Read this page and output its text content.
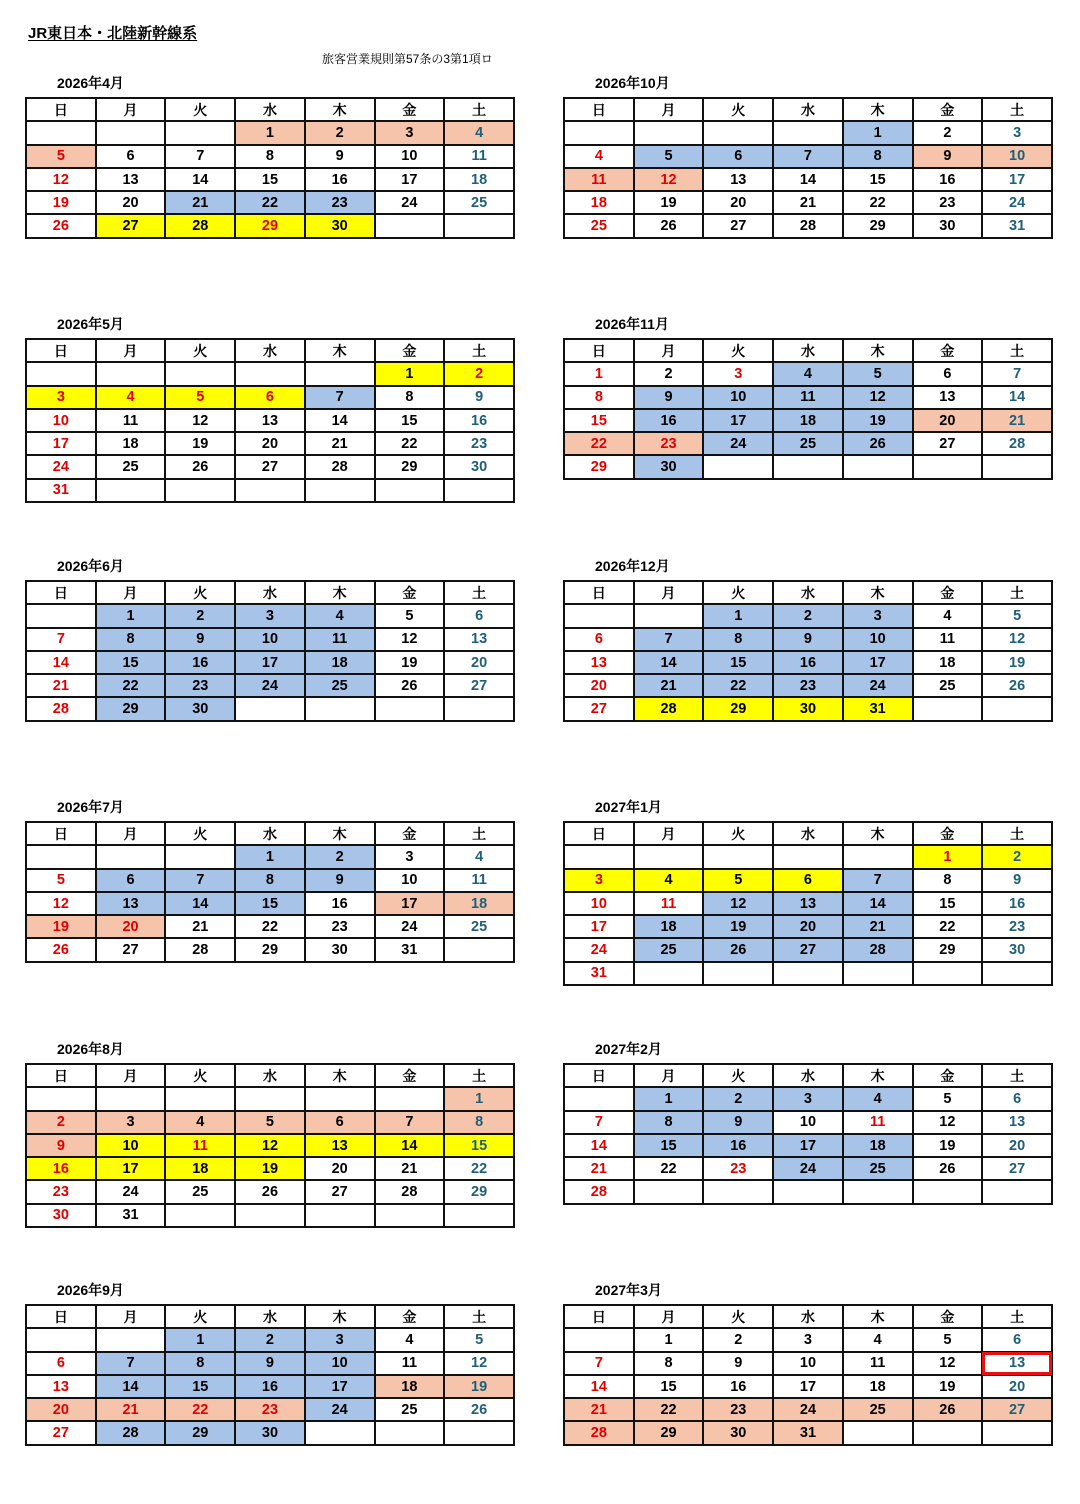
JR東日本・北陸新幹線系
旅客営業規則第57条の3第1項ロ
2026年4月
日	月	火	水	木	金	土
			1	2	3	4
5	6	7	8	9	10	11
12	13	14	15	16	17	18
19	20	21	22	23	24	25
26	27	28	29	30		
2026年10月
日	月	火	水	木	金	土
				1	2	3
4	5	6	7	8	9	10
11	12	13	14	15	16	17
18	19	20	21	22	23	24
25	26	27	28	29	30	31
2026年5月
日	月	火	水	木	金	土
					1	2
3	4	5	6	7	8	9
10	11	12	13	14	15	16
17	18	19	20	21	22	23
24	25	26	27	28	29	30
31						
2026年11月
日	月	火	水	木	金	土
1	2	3	4	5	6	7
8	9	10	11	12	13	14
15	16	17	18	19	20	21
22	23	24	25	26	27	28
29	30					
2026年6月
日	月	火	水	木	金	土
	1	2	3	4	5	6
7	8	9	10	11	12	13
14	15	16	17	18	19	20
21	22	23	24	25	26	27
28	29	30				
2026年12月
日	月	火	水	木	金	土
		1	2	3	4	5
6	7	8	9	10	11	12
13	14	15	16	17	18	19
20	21	22	23	24	25	26
27	28	29	30	31		
2026年7月
日	月	火	水	木	金	土
			1	2	3	4
5	6	7	8	9	10	11
12	13	14	15	16	17	18
19	20	21	22	23	24	25
26	27	28	29	30	31	
2027年1月
日	月	火	水	木	金	土
					1	2
3	4	5	6	7	8	9
10	11	12	13	14	15	16
17	18	19	20	21	22	23
24	25	26	27	28	29	30
31						
2026年8月
日	月	火	水	木	金	土
						1
2	3	4	5	6	7	8
9	10	11	12	13	14	15
16	17	18	19	20	21	22
23	24	25	26	27	28	29
30	31					
2027年2月
日	月	火	水	木	金	土
	1	2	3	4	5	6
7	8	9	10	11	12	13
14	15	16	17	18	19	20
21	22	23	24	25	26	27
28						
2026年9月
日	月	火	水	木	金	土
		1	2	3	4	5
6	7	8	9	10	11	12
13	14	15	16	17	18	19
20	21	22	23	24	25	26
27	28	29	30			
2027年3月
日	月	火	水	木	金	土
	1	2	3	4	5	6
7	8	9	10	11	12	13
14	15	16	17	18	19	20
21	22	23	24	25	26	27
28	29	30	31			
